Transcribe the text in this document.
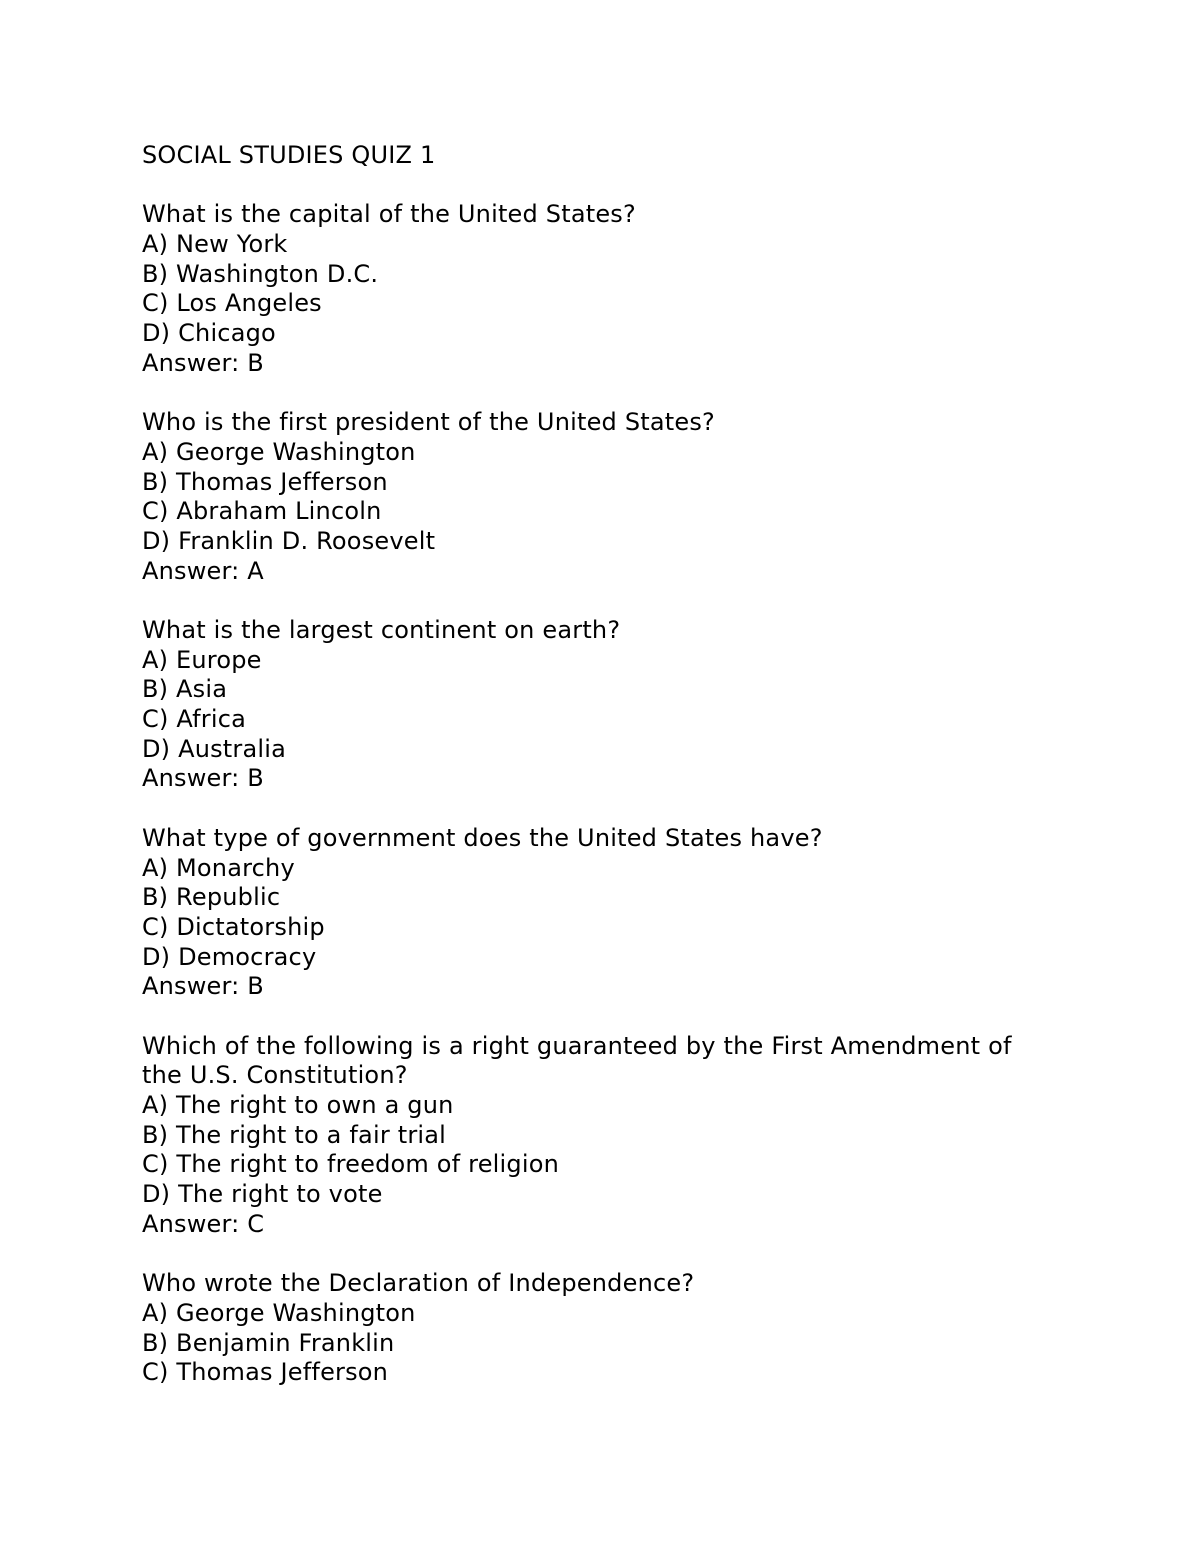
SOCIAL STUDIES QUIZ 1
What is the capital of the United States?
A) New York
B) Washington D.C.
C) Los Angeles
D) Chicago
Answer: B
Who is the first president of the United States?
A) George Washington
B) Thomas Jefferson
C) Abraham Lincoln
D) Franklin D. Roosevelt
Answer: A
What is the largest continent on earth?
A) Europe
B) Asia
C) Africa
D) Australia
Answer: B
What type of government does the United States have?
A) Monarchy
B) Republic
C) Dictatorship
D) Democracy
Answer: B
Which of the following is a right guaranteed by the First Amendment of
the U.S. Constitution?
A) The right to own a gun
B) The right to a fair trial
C) The right to freedom of religion
D) The right to vote
Answer: C
Who wrote the Declaration of Independence?
A) George Washington
B) Benjamin Franklin
C) Thomas Jefferson
